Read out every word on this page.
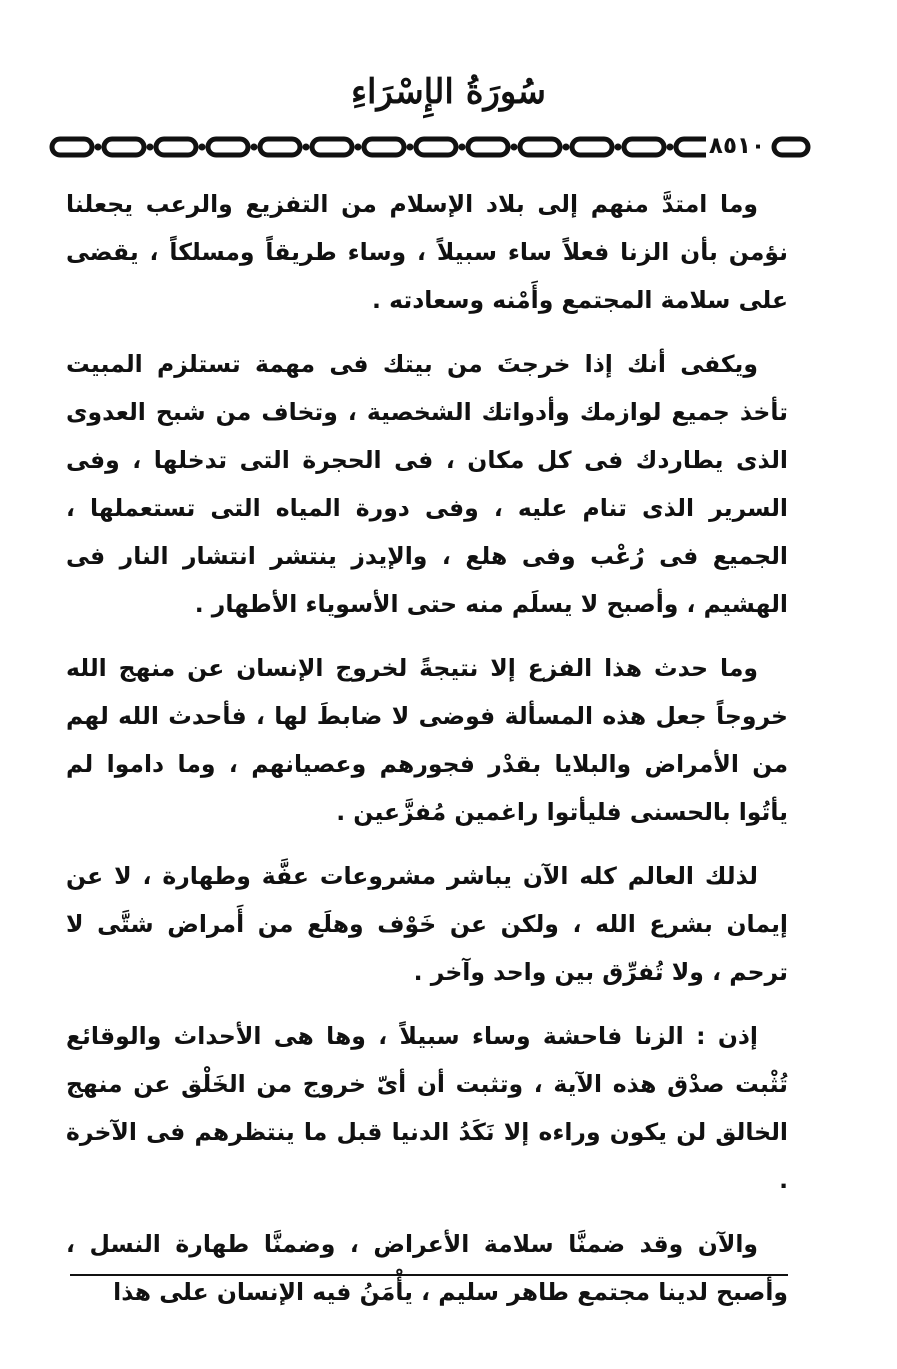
سُورَةُ الإِسْرَاءِ
٨٥١٠

وما امتدَّ منهم إلى بلاد الإسلام من التفزيع والرعب يجعلنا نؤمن بأن الزنا فعلاً ساء سبيلاً ، وساء طريقاً ومسلكاً ، يقضى على سلامة المجتمع وأَمْنه وسعادته .

ويكفى أنك إذا خرجتَ من بيتك فى مهمة تستلزم المبيت تأخذ جميع لوازمك وأدواتك الشخصية ، وتخاف من شبح العدوى الذى يطاردك فى كل مكان ، فى الحجرة التى تدخلها ، وفى السرير الذى تنام عليه ، وفى دورة المياه التى تستعملها ، الجميع فى رُعْب وفى هلع ، والإيدز ينتشر انتشار النار فى الهشيم ، وأصبح لا يسلَم منه حتى الأسوياء الأطهار .

وما حدث هذا الفزع إلا نتيجةً لخروج الإنسان عن منهج الله خروجاً جعل هذه المسألة فوضى لا ضابطَ لها ، فأحدث الله لهم من الأمراض والبلايا بقدْر فجورهم وعصيانهم ، وما داموا لم يأتُوا بالحسنى فليأتوا راغمين مُفزَّعين .

لذلك العالم كله الآن يباشر مشروعات عفَّة وطهارة ، لا عن إيمان بشرع الله ، ولكن عن خَوْف وهلَع من أَمراض شتَّى لا ترحم ، ولا تُفرِّق بين واحد وآخر .

إذن : الزنا فاحشة وساء سبيلاً ، وها هى الأحداث والوقائع تُثْبت صدْق هذه الآية ، وتثبت أن أىّ خروج من الخَلْق عن منهج الخالق لن يكون وراءه إلا نَكَدُ الدنيا قبل ما ينتظرهم فى الآخرة .

والآن وقد ضمنَّا سلامة الأعراض ، وضمنَّا طهارة النسل ، وأصبح لدينا مجتمع طاهر سليم ، يأْمَنُ فيه الإنسان على هذا
